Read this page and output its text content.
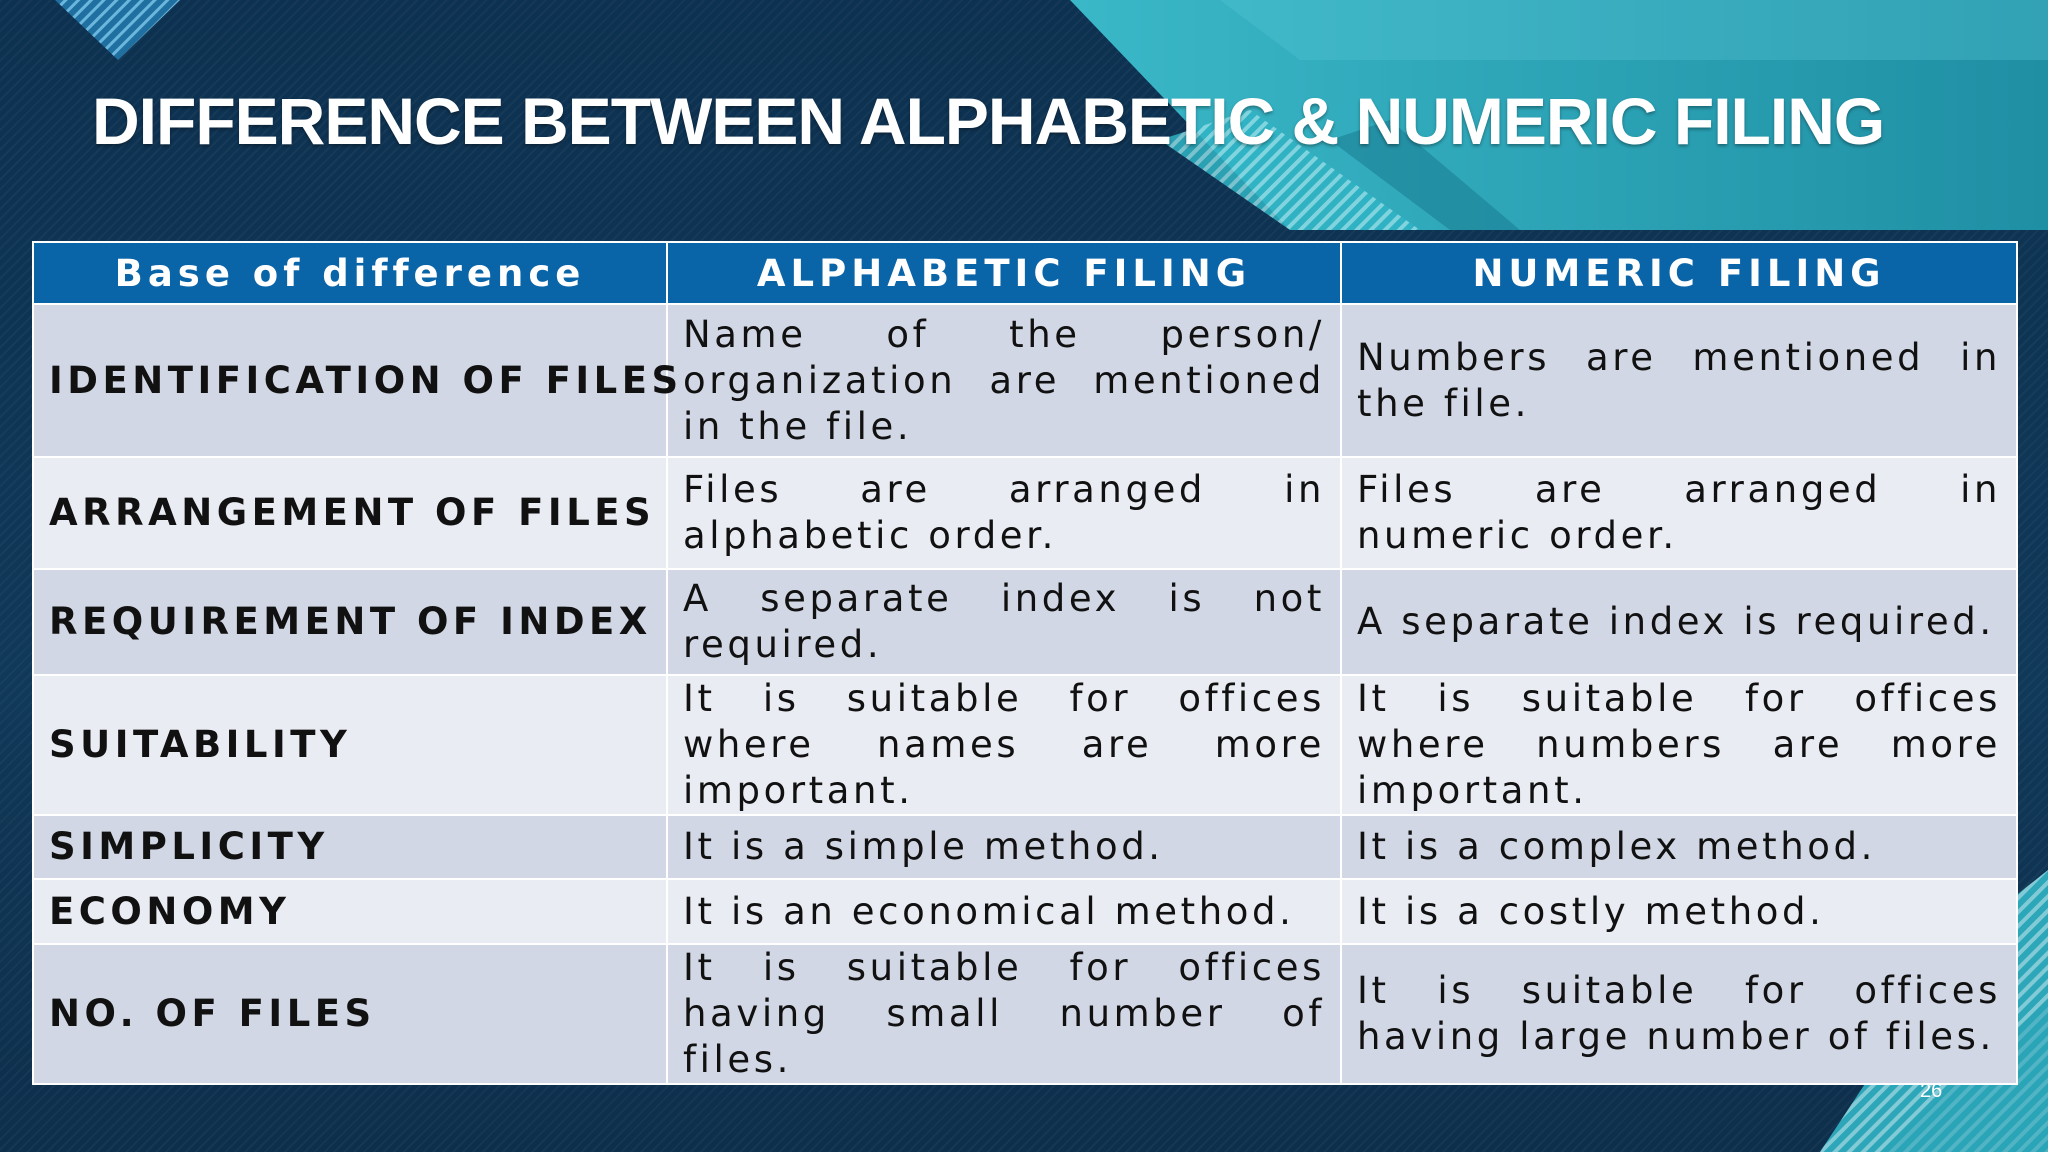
DIFFERENCE BETWEEN ALPHABETIC & NUMERIC FILING
Base of difference	ALPHABETIC FILING	NUMERIC FILING
IDENTIFICATION OF FILES	Name of the person/ organization are mentioned in the file.	Numbers are mentioned in the file.
ARRANGEMENT OF FILES	Files are arranged in alphabetic order.	Files are arranged in numeric order.
REQUIREMENT OF INDEX	A separate index is not required.	A separate index is required.
SUITABILITY	It is suitable for offices where names are more important.	It is suitable for offices where numbers are more important.
SIMPLICITY	It is a simple method.	It is a complex method.
ECONOMY	It is an economical method.	It is a costly method.
NO. OF FILES	It is suitable for offices having small number of files.	It is suitable for offices having large number of files.
26
